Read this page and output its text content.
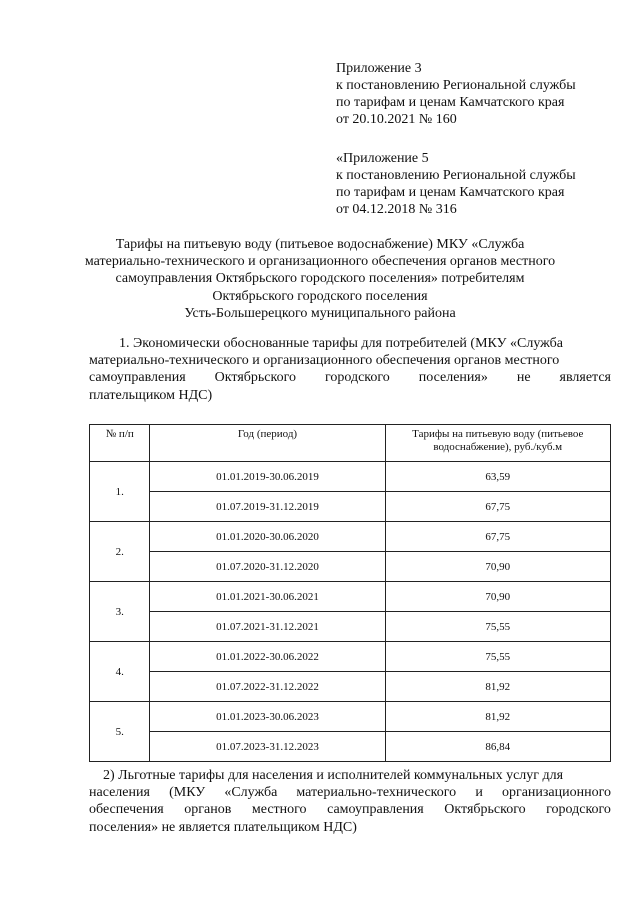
Приложение 3
к постановлению Региональной службы
по тарифам и ценам Камчатского края
от 20.10.2021 № 160
«Приложение 5
к постановлению Региональной службы
по тарифам и ценам Камчатского края
от 04.12.2018 № 316
Тарифы на питьевую воду (питьевое водоснабжение) МКУ «Служба
материально-технического и организационного обеспечения органов местного
самоуправления Октябрьского городского поселения» потребителям
Октябрьского городского поселения
Усть-Большерецкого муниципального района
1. Экономически обоснованные тарифы для потребителей (МКУ «Служба
материально-технического и организационного обеспечения органов местного
самоуправления Октябрьского городского поселения» не является
плательщиком НДС)
№ п/п	Год (период)	Тарифы на питьевую воду (питьевое водоснабжение), руб./куб.м
1.	01.01.2019-30.06.2019	63,59
	01.07.2019-31.12.2019	67,75
2.	01.01.2020-30.06.2020	67,75
	01.07.2020-31.12.2020	70,90
3.	01.01.2021-30.06.2021	70,90
	01.07.2021-31.12.2021	75,55
4.	01.01.2022-30.06.2022	75,55
	01.07.2022-31.12.2022	81,92
5.	01.01.2023-30.06.2023	81,92
	01.07.2023-31.12.2023	86,84
2) Льготные тарифы для населения и исполнителей коммунальных услуг для
населения (МКУ «Служба материально-технического и организационного
обеспечения органов местного самоуправления Октябрьского городского
поселения» не является плательщиком НДС)
